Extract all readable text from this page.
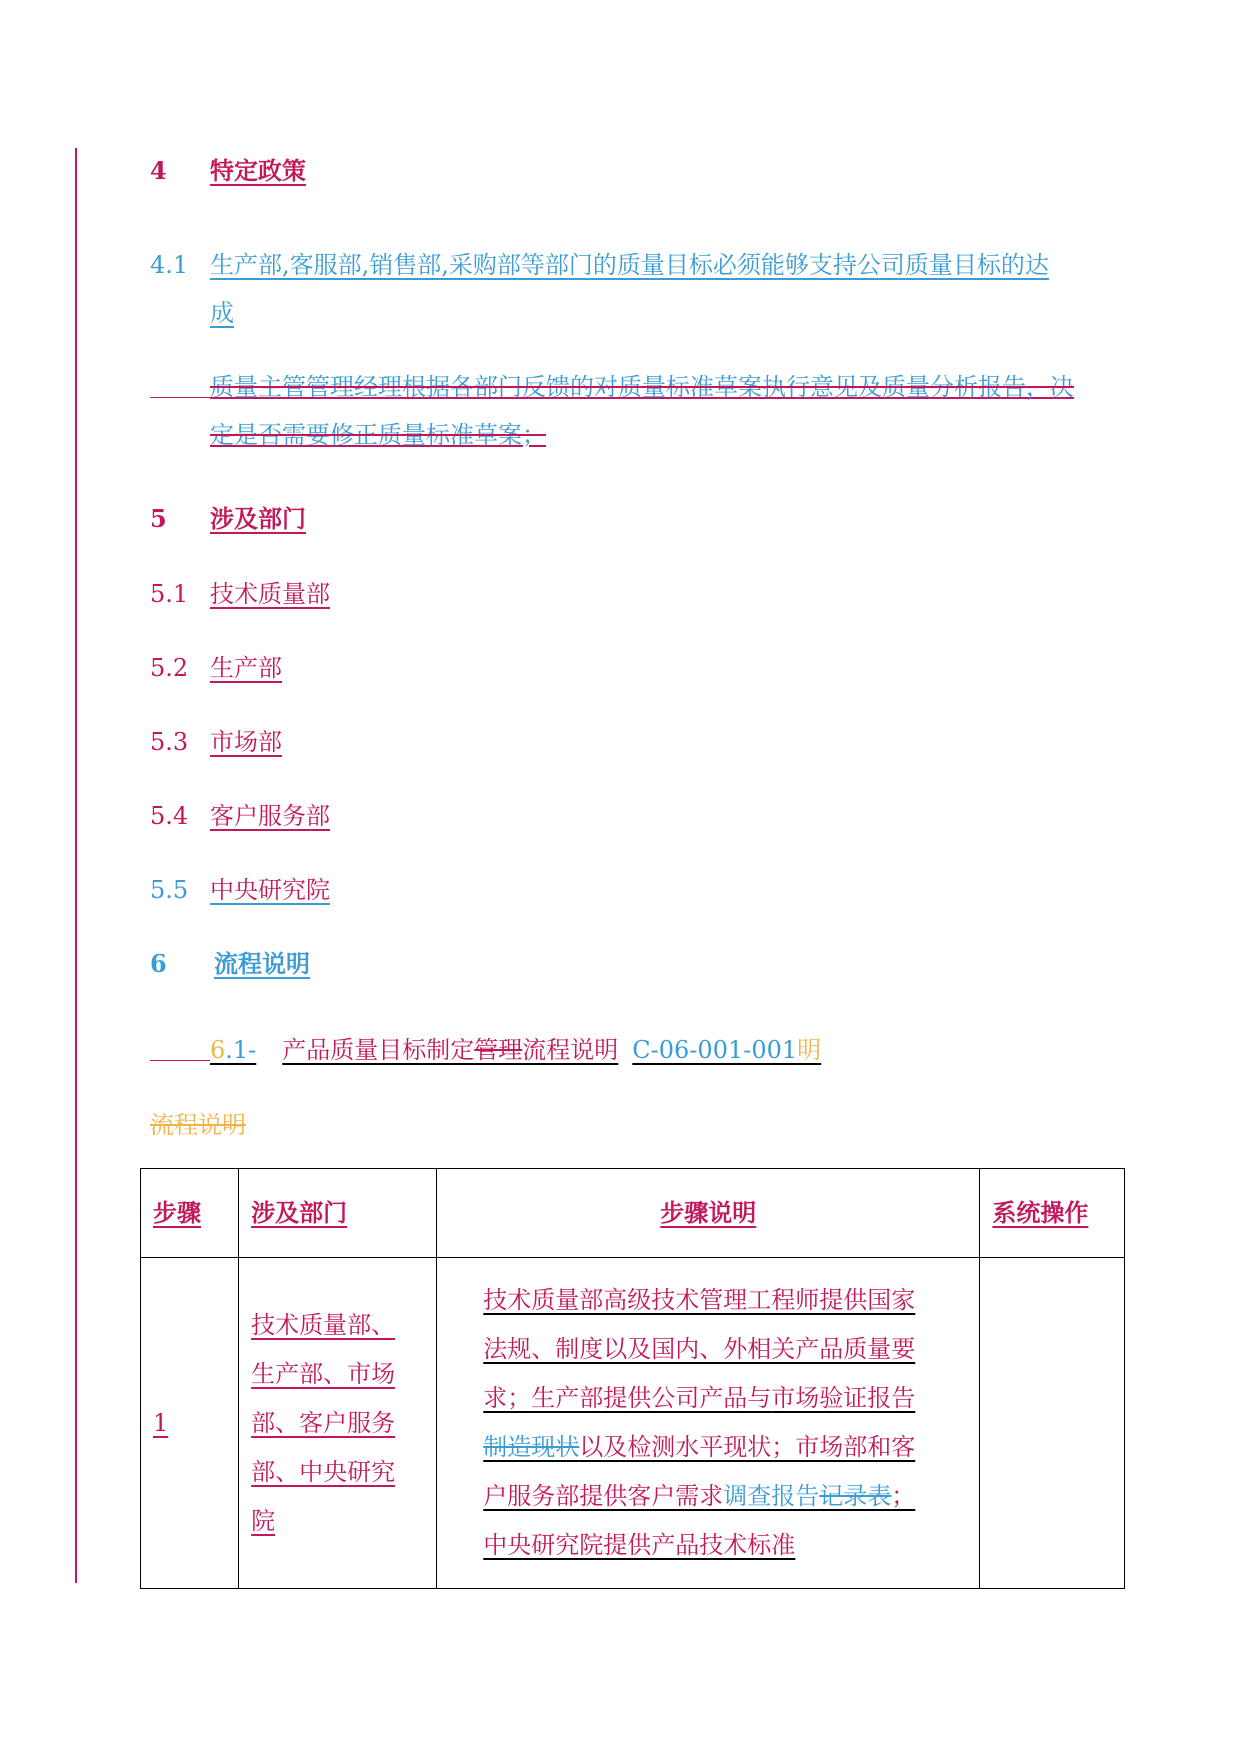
4 特定政策
4.1 生产部,客服部,销售部,采购部等部门的质量目标必须能够支持公司质量目标的达
成
质量主管管理经理根据各部门反馈的对质量标准草案执行意见及质量分析报告，决
定是否需要修正质量标准草案；
5 涉及部门
5.1 技术质量部
5.2 生产部
5.3 市场部
5.4 客户服务部
5.5 中央研究院
6 流程说明
6.1- 产品质量目标制定管理流程说明 C-06-001-001明
流程说明
步骤	涉及部门	步骤说明	系统操作
1	技术质量部、生产部、市场部、客户服务部、中央研究院	技术质量部高级技术管理工程师提供国家法规、制度以及国内、外相关产品质量要求；生产部提供公司产品与市场验证报告制造现状以及检测水平现状；市场部和客户服务部提供客户需求调查报告记录表；中央研究院提供产品技术标准	
